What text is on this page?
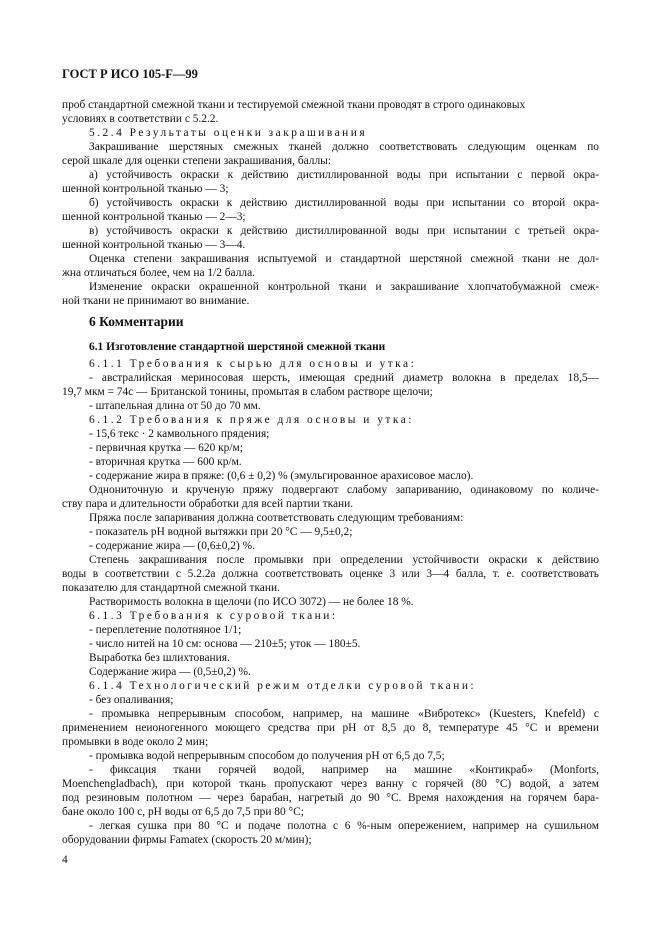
ГОСТ Р ИСО 105-F—99
проб стандартной смежной ткани и тестируемой смежной ткани проводят в строго одинаковых
условиях в соответствии с 5.2.2.
5.2.4 Результаты оценки закрашивания
Закрашивание шерстяных смежных тканей должно соответствовать следующим оценкам по
серой шкале для оценки степени закрашивания, баллы:
а) устойчивость окраски к действию дистиллированной воды при испытании с первой окра-
шенной контрольной тканью — 3;
б) устойчивость окраски к действию дистиллированной воды при испытании со второй окра-
шенной контрольной тканью — 2—3;
в) устойчивость окраски к действию дистиллированной воды при испытании с третьей окра-
шенной контрольной тканью — 3—4.
Оценка степени закрашивания испытуемой и стандартной шерстяной смежной ткани не дол-
жна отличаться более, чем на 1/2 балла.
Изменение окраски окрашенной контрольной ткани и закрашивание хлопчатобумажной смеж-
ной ткани не принимают во внимание.
6 Комментарии
6.1 Изготовление стандартной шерстяной смежной ткани
6.1.1 Требования к сырью для основы и утка:
- австралийская мериносовая шерсть, имеющая средний диаметр волокна в пределах 18,5—
19,7 мкм = 74с — Британской тонины, промытая в слабом растворе щелочи;
- штапельная длина от 50 до 70 мм.
6.1.2 Требования к пряже для основы и утка:
- 15,6 текс · 2 камвольного прядения;
- первичная крутка — 620 кр/м;
- вторичная крутка — 600 кр/м.
- содержание жира в пряже: (0,6 ± 0,2) % (эмульгированное арахисовое масло).
Однониточную и крученую пряжу подвергают слабому запариванию, одинаковому по количе-
ству пара и длительности обработки для всей партии ткани.
Пряжа после запаривания должна соответствовать следующим требованиям:
- показатель pH водной вытяжки при 20 °С — 9,5±0,2;
- содержание жира — (0,6±0,2) %.
Степень закрашивания после промывки при определении устойчивости окраски к действию
воды в соответствии с 5.2.2а должна соответствовать оценке 3 или 3—4 балла, т. е. соответствовать
показателю для стандартной смежной ткани.
Растворимость волокна в щелочи (по ИСО 3072) — не более 18 %.
6.1.3 Требования к суровой ткани:
- переплетение полотняное 1/1;
- число нитей на 10 см: основа — 210±5; уток — 180±5.
Выработка без шлихтования.
Содержание жира — (0,5±0,2) %.
6.1.4 Технологический режим отделки суровой ткани:
- без опаливания;
- промывка непрерывным способом, например, на машине «Вибротекс» (Kuesters, Knefeld) с
применением неионогенного моющего средства при pH от 8,5 до 8, температуре 45 °С и времени
промывки в воде около 2 мин;
- промывка водой непрерывным способом до получения pH от 6,5 до 7,5;
- фиксация ткани горячей водой, например на машине «Контикраб» (Monforts,
Moenchengladbach), при которой ткань пропускают через ванну с горячей (80 °С) водой, а затем
под резиновым полотном — через барабан, нагретый до 90 °С. Время нахождения на горячем бара-
бане около 100 с, pH воды от 6,5 до 7,5 при 80 °С;
- легкая сушка при 80 °С и подаче полотна с 6 %-ным опережением, например на сушильном
оборудовании фирмы Famatex (скорость 20 м/мин);
4
